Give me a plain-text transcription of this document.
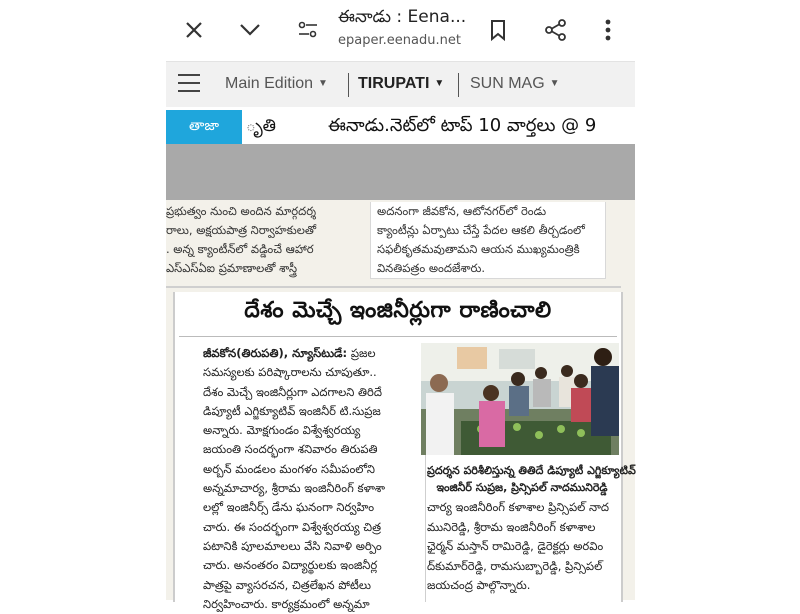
ఈనాడు : Eena...
epaper.eenadu.net
Main Edition ▼ TIRUPATI ▼ SUN MAG ▼
ృతి	ఈనాడు.నెట్‌లో టాప్ 10 వార్తలు @ 9
తాజా
ప్రభుత్వం నుంచి అందిన మార్గదర్శ
రాలు, అక్షయపాత్ర నిర్వాహకులతో
. అన్న క్యాంటీన్‌లో వడ్డించే ఆహార
ఎస్ఎస్ఏఐ ప్రమాణాలతో శాస్త్రీ
అదనంగా జీవకోన, ఆటోనగర్‌లో రెండు
క్యాంటీన్లు ఏర్పాటు చేస్తే పేదల ఆకలి తీర్చడంలో
సఫలీకృతమవుతామని ఆయన ముఖ్యమంత్రికి
వినతిపత్రం అందజేశారు.
దేశం మెచ్చే ఇంజినీర్లుగా రాణించాలి
జీవకోన(తిరుపతి), న్యూస్‌టుడే: ప్రజల
సమస్యలకు పరిష్కారాలను చూపుతూ..
దేశం మెచ్చే ఇంజినీర్లుగా ఎదగాలని తిరిదే
డిప్యూటీ ఎగ్జిక్యూటివ్ ఇంజినీర్ టి.సుప్రజ
అన్నారు. మోక్షగుండం విశ్వేశ్వరయ్య
జయంతి సందర్భంగా శనివారం తిరుపతి
అర్బన్ మండలం మంగళం సమీపంలోని
అన్నమాచార్య, శ్రీరామ ఇంజినీరింగ్ కళాశా
లల్లో ఇంజినీర్స్ డేను ఘనంగా నిర్వహిం
చారు. ఈ సందర్భంగా విశ్వేశ్వరయ్య చిత్ర
పటానికి పూలమాలలు వేసి నివాళి అర్పిం
చారు. అనంతరం విద్యార్థులకు ఇంజినీర్ల
పాత్రపై వ్యాసరచన, చిత్రలేఖన పోటీలు
నిర్వహించారు. కార్యక్రమంలో అన్నమా
ప్రదర్శన పరిశీలిస్తున్న తితిదే డిప్యూటీ ఎగ్జిక్యూటివ్
ఇంజినీర్ సుప్రజ, ప్రిన్సిపల్ నాదమునిరెడ్డి
చార్య ఇంజినీరింగ్ కళాశాల ప్రిన్సిపల్ నాద
మునిరెడ్డి, శ్రీరామ ఇంజినీరింగ్ కళాశాల
ఛైర్మన్ మస్తాన్ రామిరెడ్డి, డైరెక్టర్లు అరవిం
ద్‌కుమార్‌రెడ్డి, రామసుబ్బారెడ్డి, ప్రిన్సిపల్
జయచంద్ర పాల్గొన్నారు.
